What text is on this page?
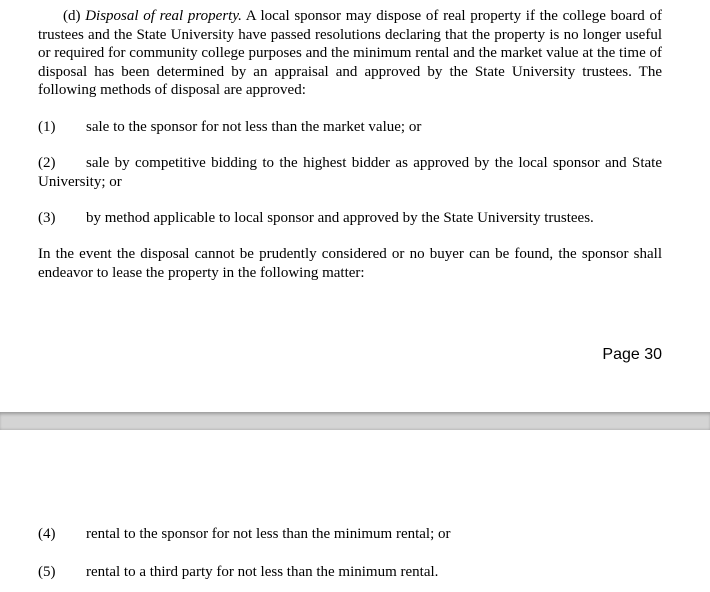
(d) Disposal of real property. A local sponsor may dispose of real property if the college board of trustees and the State University have passed resolutions declaring that the property is no longer useful or required for community college purposes and the minimum rental and the market value at the time of disposal has been determined by an appraisal and approved by the State University trustees. The following methods of disposal are approved:
(1) sale to the sponsor for not less than the market value; or
(2) sale by competitive bidding to the highest bidder as approved by the local sponsor and State University; or
(3) by method applicable to local sponsor and approved by the State University trustees.
In the event the disposal cannot be prudently considered or no buyer can be found, the sponsor shall endeavor to lease the property in the following matter:
Page 30
(4) rental to the sponsor for not less than the minimum rental; or
(5) rental to a third party for not less than the minimum rental.
